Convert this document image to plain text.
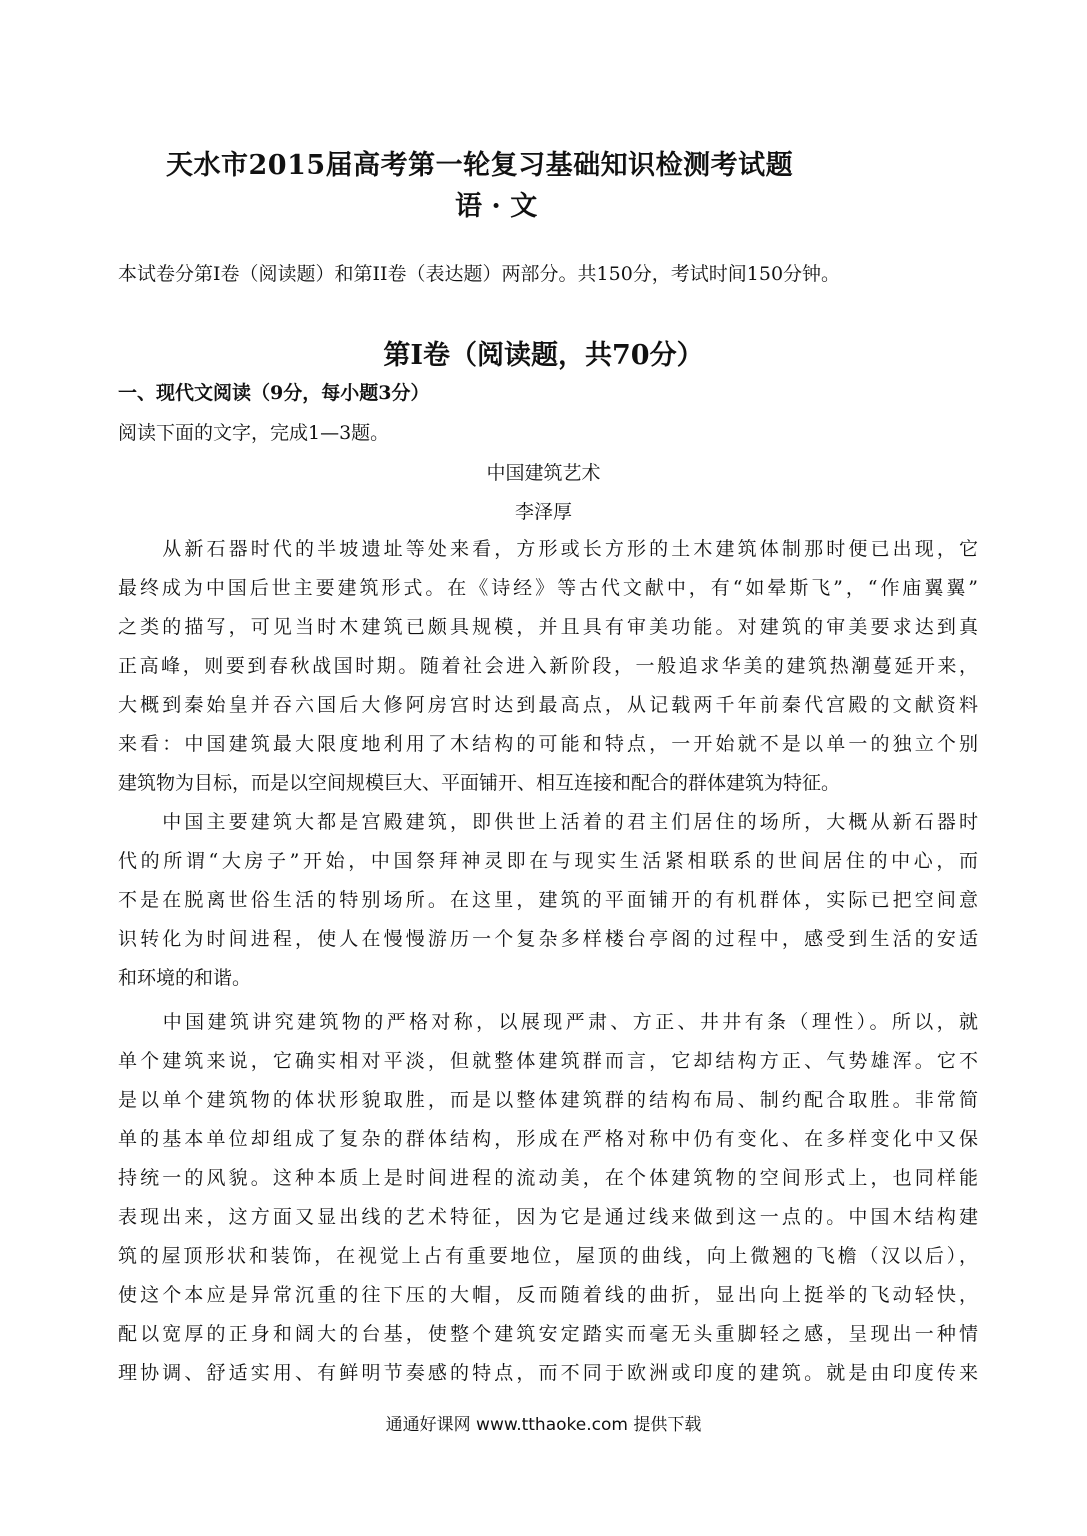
天水市2015届高考第一轮复习基础知识检测考试题
语 · 文
本试卷分第I卷（阅读题）和第II卷（表达题）两部分。共150分，考试时间150分钟。
第I卷（阅读题，共70分）
一、现代文阅读（9分，每小题3分）
阅读下面的文字，完成1—3题。
中国建筑艺术
李泽厚
　　从新石器时代的半坡遗址等处来看，方形或长方形的土木建筑体制那时便已出现，它
最终成为中国后世主要建筑形式。在《诗经》等古代文献中，有“如晕斯飞”，“作庙翼翼”
之类的描写，可见当时木建筑已颇具规模，并且具有审美功能。对建筑的审美要求达到真
正高峰，则要到春秋战国时期。随着社会进入新阶段，一般追求华美的建筑热潮蔓延开来，
大概到秦始皇并吞六国后大修阿房宫时达到最高点，从记载两千年前秦代宫殿的文献资料
来看：中国建筑最大限度地利用了木结构的可能和特点，一开始就不是以单一的独立个别
建筑物为目标，而是以空间规模巨大、平面铺开、相互连接和配合的群体建筑为特征。
　　中国主要建筑大都是宫殿建筑，即供世上活着的君主们居住的场所，大概从新石器时
代的所谓“大房子”开始，中国祭拜神灵即在与现实生活紧相联系的世间居住的中心，而
不是在脱离世俗生活的特别场所。在这里，建筑的平面铺开的有机群体，实际已把空间意
识转化为时间进程，使人在慢慢游历一个复杂多样楼台亭阁的过程中，感受到生活的安适
和环境的和谐。
　　中国建筑讲究建筑物的严格对称，以展现严肃、方正、井井有条（理性）。所以，就
单个建筑来说，它确实相对平淡，但就整体建筑群而言，它却结构方正、气势雄浑。它不
是以单个建筑物的体状形貌取胜，而是以整体建筑群的结构布局、制约配合取胜。非常简
单的基本单位却组成了复杂的群体结构，形成在严格对称中仍有变化、在多样变化中又保
持统一的风貌。这种本质上是时间进程的流动美，在个体建筑物的空间形式上，也同样能
表现出来，这方面又显出线的艺术特征，因为它是通过线来做到这一点的。中国木结构建
筑的屋顶形状和装饰，在视觉上占有重要地位，屋顶的曲线，向上微翘的飞檐（汉以后），
使这个本应是异常沉重的往下压的大帽，反而随着线的曲折，显出向上挺举的飞动轻快，
配以宽厚的正身和阔大的台基，使整个建筑安定踏实而毫无头重脚轻之感，呈现出一种情
理协调、舒适实用、有鲜明节奏感的特点，而不同于欧洲或印度的建筑。就是由印度传来
通通好课网 www.tthaoke.com 提供下载
